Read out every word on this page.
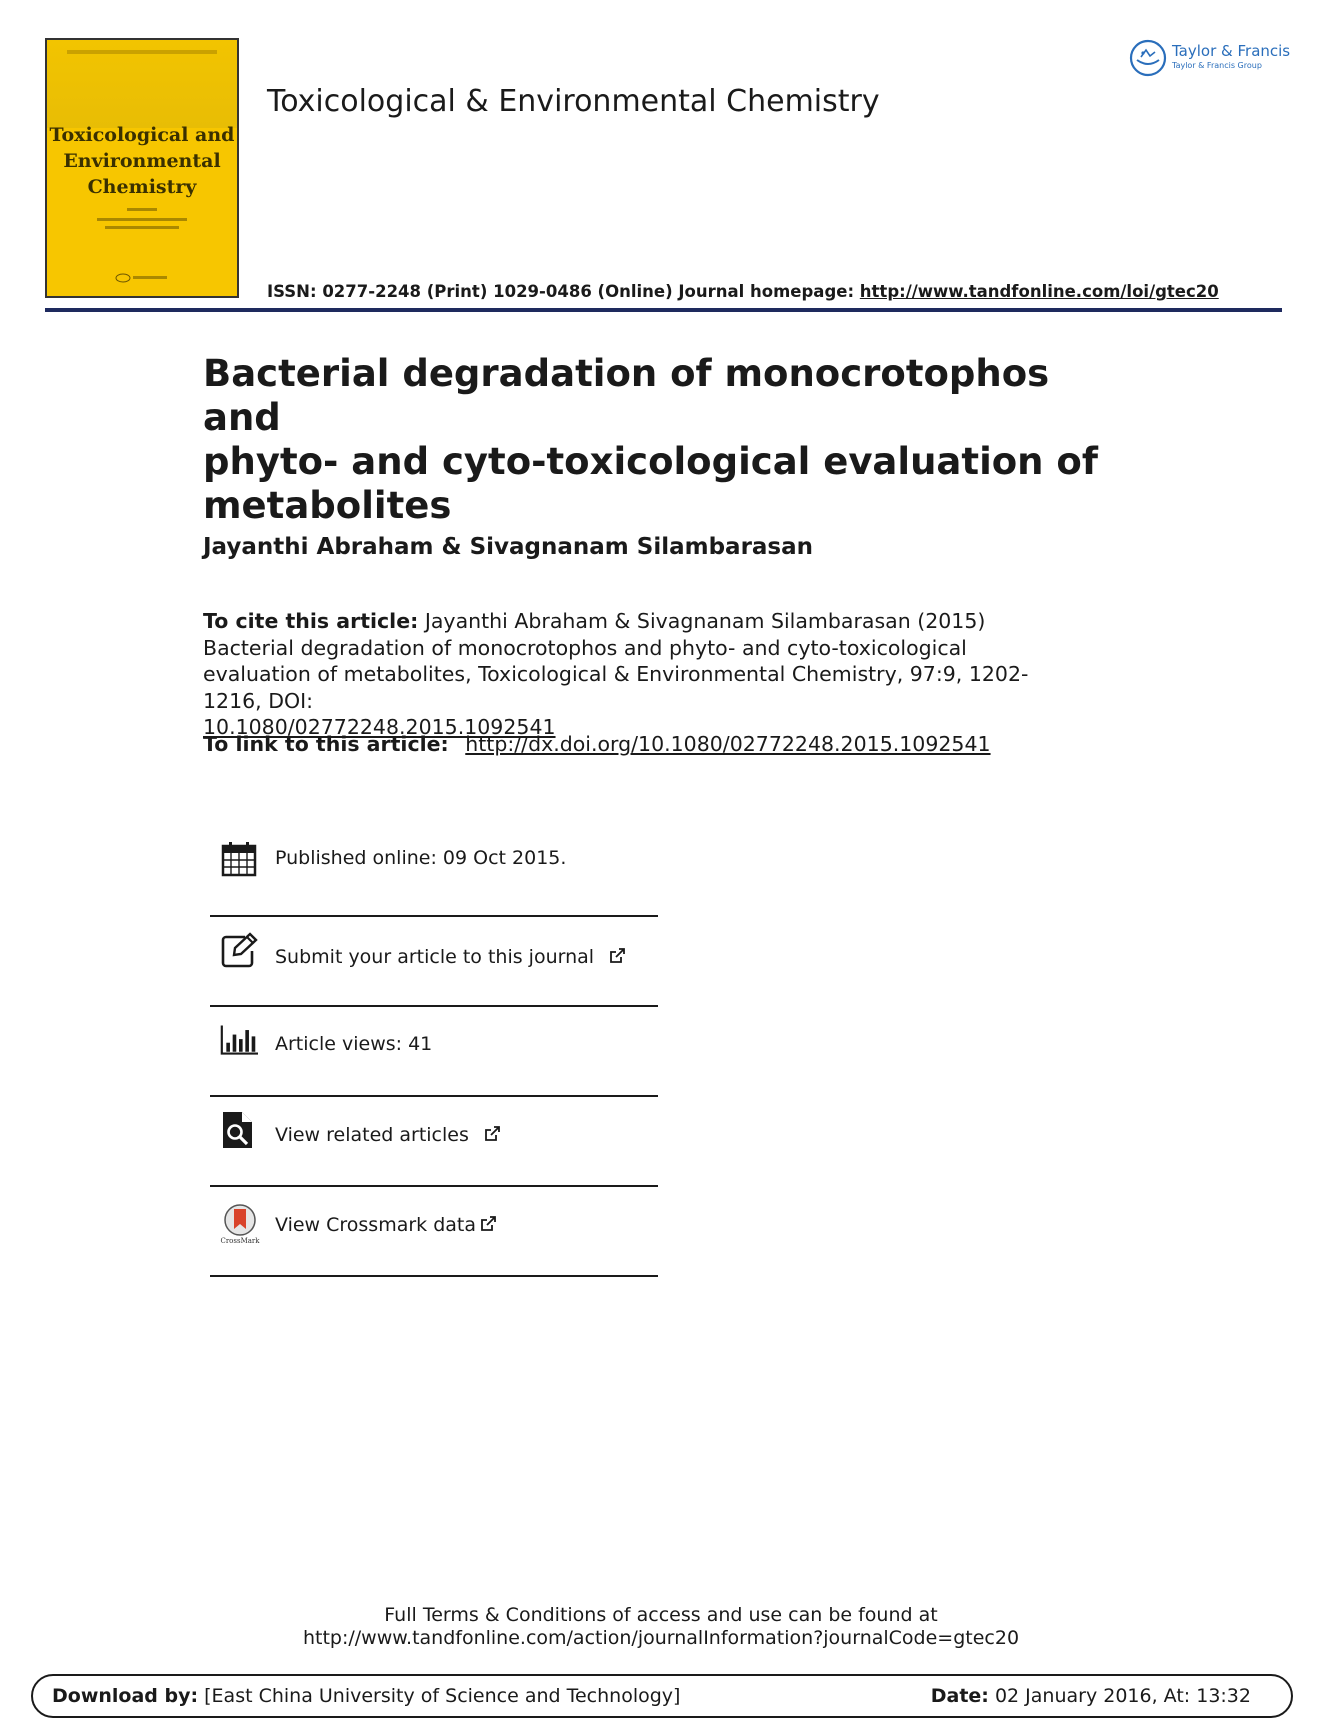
Toxicological and
Environmental
Chemistry
Toxicological & Environmental Chemistry
Taylor & Francis
Taylor & Francis Group
ISSN: 0277-2248 (Print) 1029-0486 (Online) Journal homepage: http://www.tandfonline.com/loi/gtec20
Bacterial degradation of monocrotophos and
phyto- and cyto-toxicological evaluation of
metabolites
Jayanthi Abraham & Sivagnanam Silambarasan
To cite this article: Jayanthi Abraham & Sivagnanam Silambarasan (2015) Bacterial degradation of monocrotophos and phyto- and cyto-toxicological evaluation of metabolites, Toxicological & Environmental Chemistry, 97:9, 1202-1216, DOI:
10.1080/02772248.2015.1092541
To link to this article: http://dx.doi.org/10.1080/02772248.2015.1092541
Published online: 09 Oct 2015.
Submit your article to this journal
Article views: 41
View related articles
CrossMark
View Crossmark data
Full Terms & Conditions of access and use can be found at
http://www.tandfonline.com/action/journalInformation?journalCode=gtec20
Download by: [East China University of Science and Technology]	Date: 02 January 2016, At: 13:32
